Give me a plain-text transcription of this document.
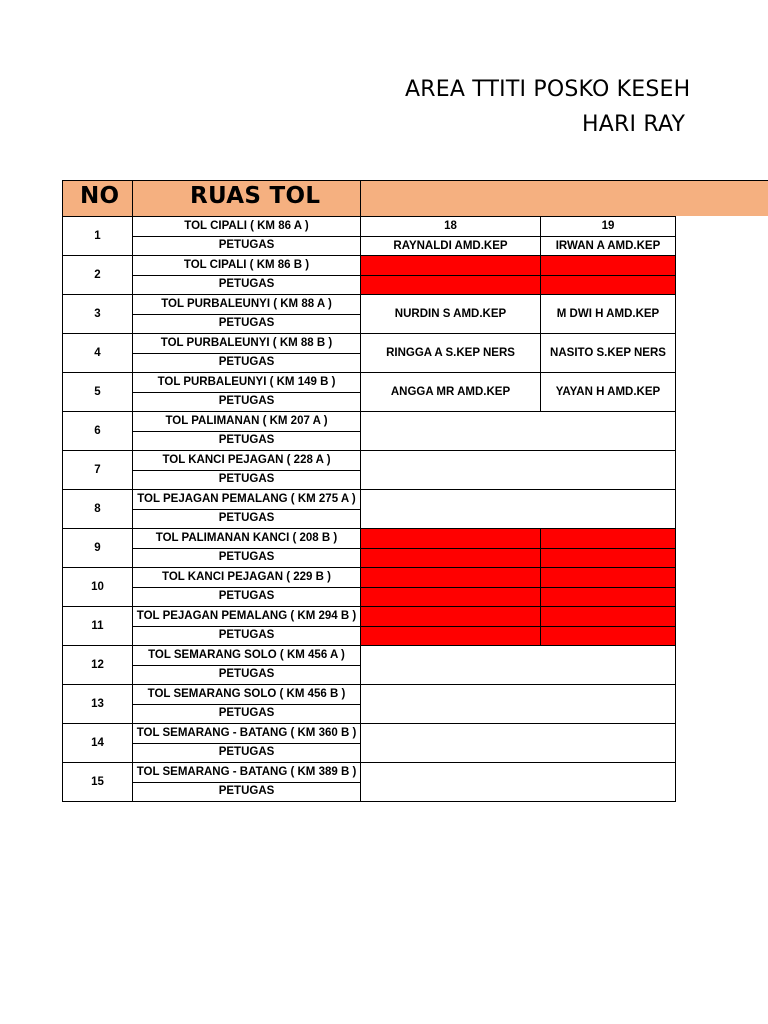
AREA TTITI POSKO KESEH
HARI RAY
NO	RUAS TOL
1	TOL CIPALI ( KM 86 A )	18	19
	PETUGAS	RAYNALDI AMD.KEP	IRWAN A AMD.KEP
2	TOL CIPALI ( KM 86 B )		
	PETUGAS		
3	TOL PURBALEUNYI ( KM 88 A )	NURDIN S AMD.KEP	M DWI H AMD.KEP
	PETUGAS		
4	TOL PURBALEUNYI ( KM 88 B )	RINGGA A S.KEP NERS	NASITO S.KEP NERS
	PETUGAS		
5	TOL PURBALEUNYI ( KM 149 B )	ANGGA MR AMD.KEP	YAYAN H AMD.KEP
	PETUGAS		
6	TOL PALIMANAN ( KM 207 A )		
	PETUGAS		
7	TOL KANCI PEJAGAN ( 228 A )		
	PETUGAS		
8	TOL PEJAGAN PEMALANG ( KM 275 A )		
	PETUGAS		
9	TOL PALIMANAN KANCI ( 208 B )		
	PETUGAS		
10	TOL KANCI PEJAGAN ( 229 B )		
	PETUGAS		
11	TOL PEJAGAN PEMALANG ( KM 294 B )		
	PETUGAS		
12	TOL SEMARANG SOLO ( KM 456 A )		
	PETUGAS		
13	TOL SEMARANG SOLO ( KM 456 B )		
	PETUGAS		
14	TOL SEMARANG - BATANG ( KM 360 B )		
	PETUGAS		
15	TOL SEMARANG - BATANG ( KM 389 B )		
	PETUGAS		
